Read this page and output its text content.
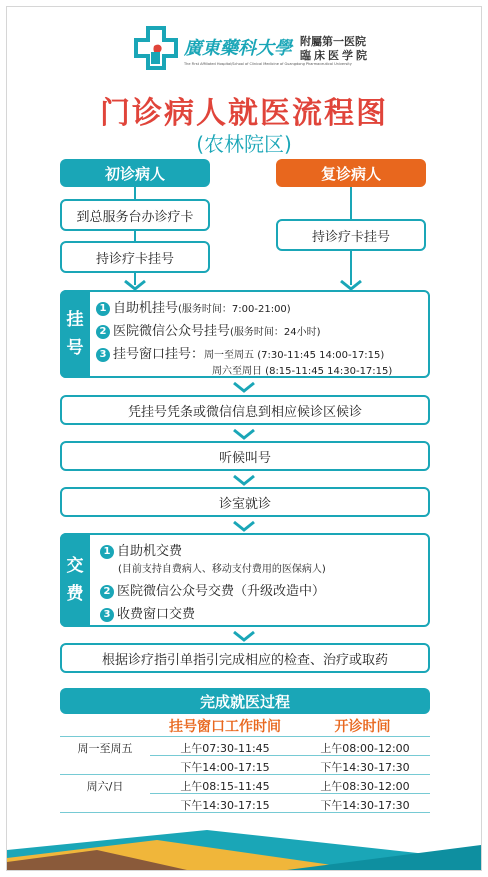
廣東藥科大學 附屬第一医院
臨床医学院
The First Affiliated Hospital/School of Clinical Medicine of Guangdong Pharmaceutical University
门诊病人就医流程图
(农林院区)
初诊病人
到总服务台办诊疗卡
持诊疗卡挂号
复诊病人
持诊疗卡挂号
挂
号
1 自助机挂号(服务时间：7:00-21:00)
2 医院微信公众号挂号(服务时间：24小时)
3 挂号窗口挂号：周一至周五 (7:30-11:45 14:00-17:15)
周六至周日 (8:15-11:45 14:30-17:15)
凭挂号凭条或微信信息到相应候诊区候诊
听候叫号
诊室就诊
交
费
1 自助机交费
(目前支持自费病人、移动支付费用的医保病人)
2 医院微信公众号交费（升级改造中）
3 收费窗口交费
根据诊疗指引单指引完成相应的检查、治疗或取药
完成就医过程
挂号窗口工作时间	开诊时间
周一至周五	上午07:30-11:45	上午08:00-12:00
下午14:00-17:15	下午14:30-17:30
周六/日	上午08:15-11:45	上午08:30-12:00
下午14:30-17:15	下午14:30-17:30
